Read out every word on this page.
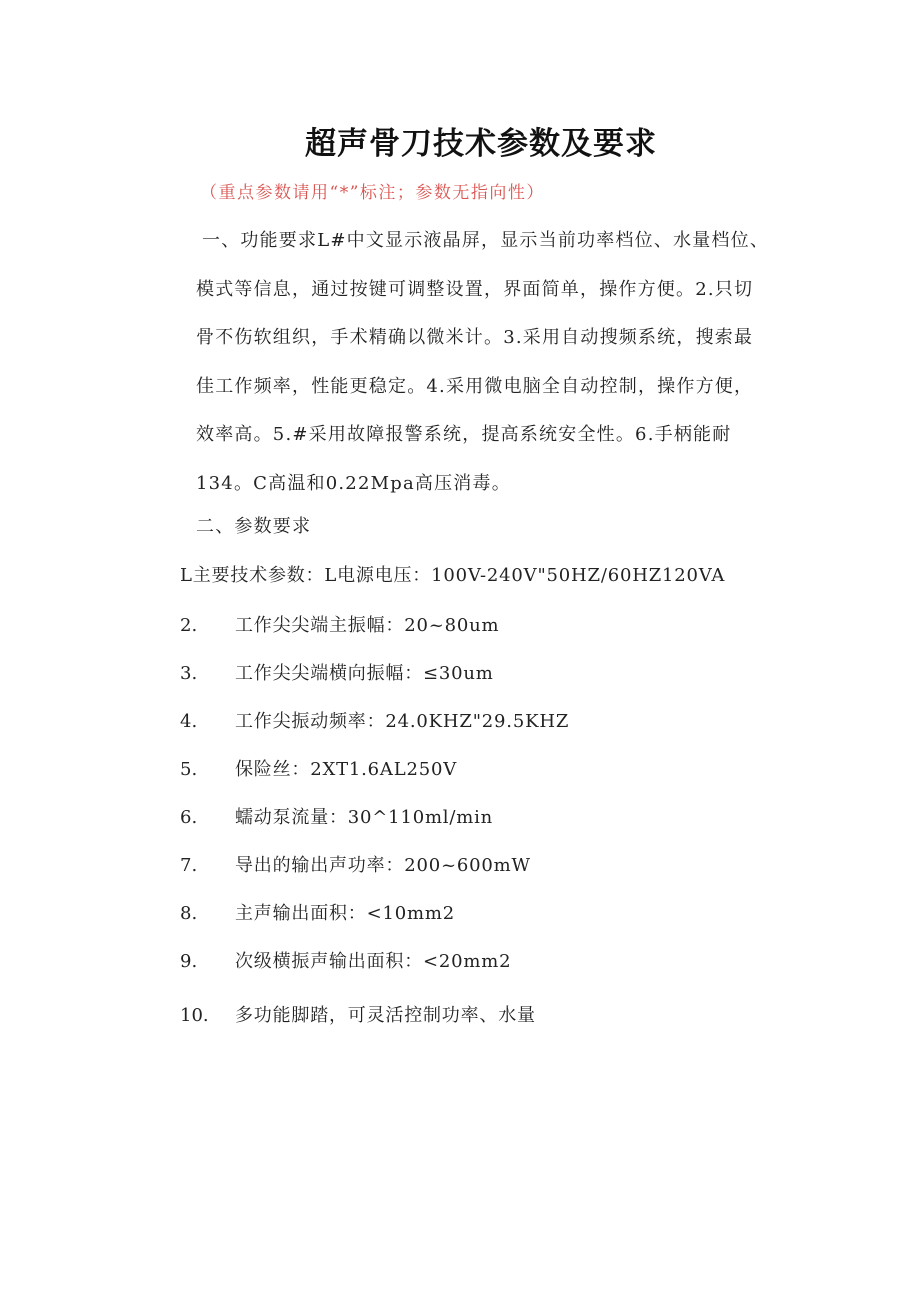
超声骨刀技术参数及要求
（重点参数请用“*”标注；参数无指向性）
一、功能要求L#中文显示液晶屏，显示当前功率档位、水量档位、
模式等信息，通过按键可调整设置，界面简单，操作方便。2.只切
骨不伤软组织，手术精确以微米计。3.采用自动搜频系统，搜索最
佳工作频率，性能更稳定。4.采用微电脑全自动控制，操作方便，
效率高。5.#采用故障报警系统，提高系统安全性。6.手柄能耐
134。C高温和0.22Mpa高压消毒。
二、参数要求
L主要技术参数：L电源电压：100V-240V"50HZ/60HZ120VA
2.	工作尖尖端主振幅：20~80um
3.	工作尖尖端横向振幅：≤30um
4.	工作尖振动频率：24.0KHZ"29.5KHZ
5.	保险丝：2XT1.6AL250V
6.	蠕动泵流量：30^110ml/min
7.	导出的输出声功率：200~600mW
8.	主声输出面积：<10mm2
9.	次级横振声输出面积：<20mm2
10.	多功能脚踏，可灵活控制功率、水量
